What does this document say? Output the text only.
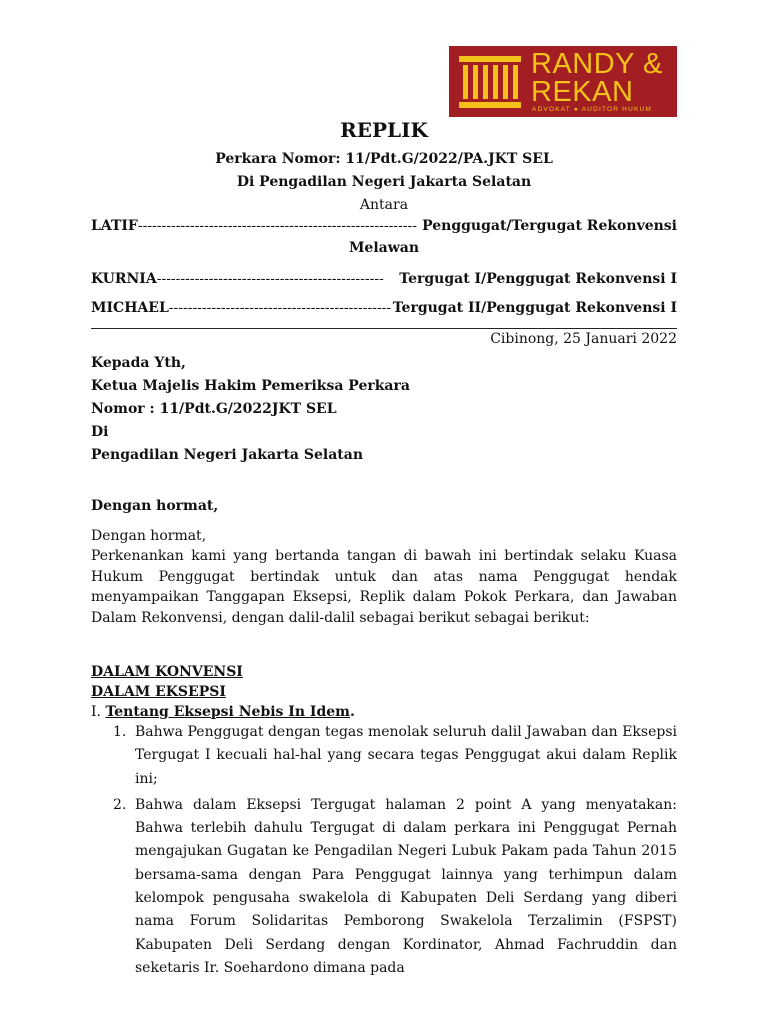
RANDY &
REKAN
ADVOKAT ● AUDITOR HUKUM
REPLIK
Perkara Nomor: 11/Pdt.G/2022/PA.JKT SEL
Di Pengadilan Negeri Jakarta Selatan
Antara
LATIF ----------------------------------------------------------- Penggugat/Tergugat Rekonvensi
Melawan
KURNIA ------------------------------------------------	Tergugat I/Penggugat Rekonvensi I
MICHAEL ----------------------------------------------- Tergugat II/Penggugat Rekonvensi I
Cibinong, 25 Januari 2022
Kepada Yth,
Ketua Majelis Hakim Pemeriksa Perkara
Nomor : 11/Pdt.G/2022JKT SEL
Di
Pengadilan Negeri Jakarta Selatan
Dengan hormat,
Dengan hormat,
Perkenankan kami yang bertanda tangan di bawah ini bertindak selaku Kuasa Hukum Penggugat bertindak untuk dan atas nama Penggugat hendak menyampaikan Tanggapan Eksepsi, Replik dalam Pokok Perkara, dan Jawaban Dalam Rekonvensi, dengan dalil-dalil sebagai berikut sebagai berikut:
DALAM KONVENSI
DALAM EKSEPSI
I. Tentang Eksepsi Nebis In Idem.
1. Bahwa Penggugat dengan tegas menolak seluruh dalil Jawaban dan Eksepsi Tergugat I kecuali hal-hal yang secara tegas Penggugat akui dalam Replik ini;
2. Bahwa dalam Eksepsi Tergugat halaman 2 point A yang menyatakan: Bahwa terlebih dahulu Tergugat di dalam perkara ini Penggugat Pernah mengajukan Gugatan ke Pengadilan Negeri Lubuk Pakam pada Tahun 2015 bersama-sama dengan Para Penggugat lainnya yang terhimpun dalam kelompok pengusaha swakelola di Kabupaten Deli Serdang yang diberi nama Forum Solidaritas Pemborong Swakelola Terzalimin (FSPST) Kabupaten Deli Serdang dengan Kordinator, Ahmad Fachruddin dan seketaris Ir. Soehardono dimana pada
